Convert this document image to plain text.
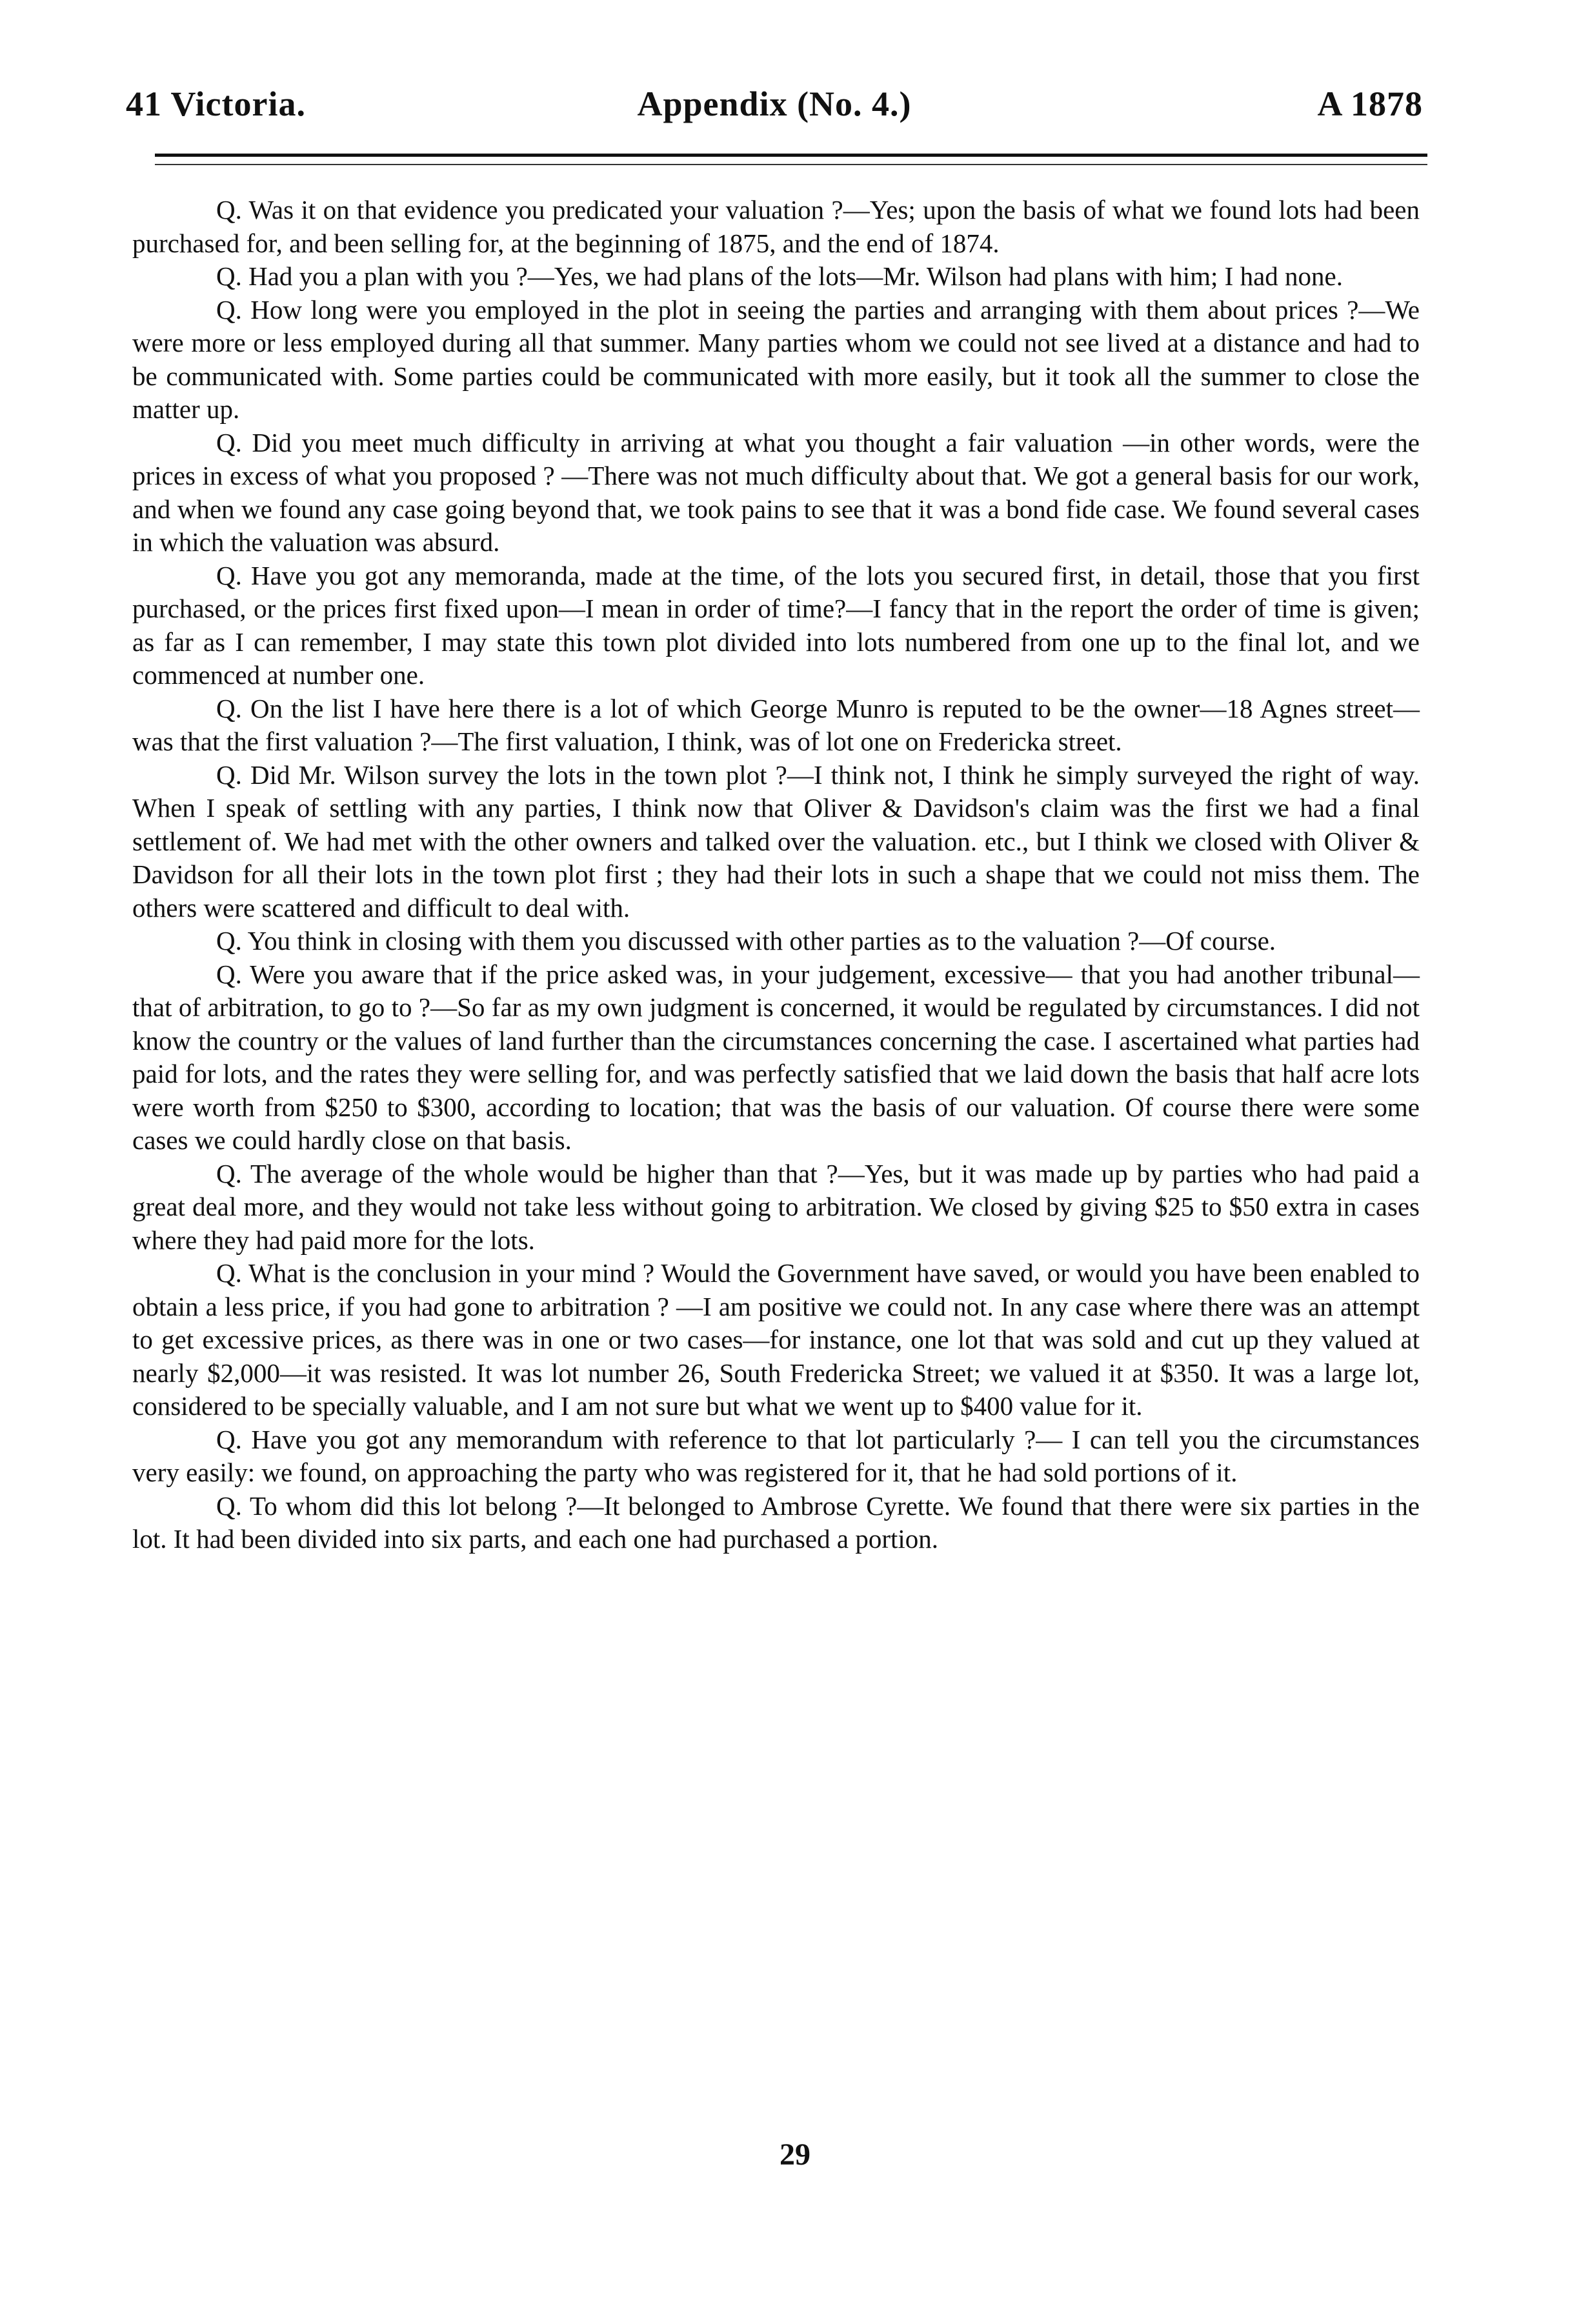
41 Victoria.	Appendix (No. 4.)	A 1878

Q. Was it on that evidence you predicated your valuation ?—Yes; upon the basis of what we found lots had been purchased for, and been selling for, at the beginning of 1875, and the end of 1874.

Q. Had you a plan with you ?—Yes, we had plans of the lots—Mr. Wilson had plans with him; I had none.

Q. How long were you employed in the plot in seeing the parties and arranging with them about prices ?—We were more or less employed during all that summer. Many parties whom we could not see lived at a distance and had to be communicated with. Some parties could be communicated with more easily, but it took all the summer to close the matter up.

Q. Did you meet much difficulty in arriving at what you thought a fair valuation —in other words, were the prices in excess of what you proposed ? —There was not much difficulty about that. We got a general basis for our work, and when we found any case going beyond that, we took pains to see that it was a bond fide case. We found several cases in which the valuation was absurd.

Q. Have you got any memoranda, made at the time, of the lots you secured first, in detail, those that you first purchased, or the prices first fixed upon—I mean in order of time?—I fancy that in the report the order of time is given; as far as I can remember, I may state this town plot divided into lots numbered from one up to the final lot, and we commenced at number one.

Q. On the list I have here there is a lot of which George Munro is reputed to be the owner—18 Agnes street—was that the first valuation ?—The first valuation, I think, was of lot one on Fredericka street.

Q. Did Mr. Wilson survey the lots in the town plot ?—I think not, I think he simply surveyed the right of way. When I speak of settling with any parties, I think now that Oliver & Davidson's claim was the first we had a final settlement of. We had met with the other owners and talked over the valuation. etc., but I think we closed with Oliver & Davidson for all their lots in the town plot first ; they had their lots in such a shape that we could not miss them. The others were scattered and difficult to deal with.

Q. You think in closing with them you discussed with other parties as to the valuation ?—Of course.

Q. Were you aware that if the price asked was, in your judgement, excessive— that you had another tribunal—that of arbitration, to go to ?—So far as my own judgment is concerned, it would be regulated by circumstances. I did not know the country or the values of land further than the circumstances concerning the case. I ascertained what parties had paid for lots, and the rates they were selling for, and was perfectly satisfied that we laid down the basis that half acre lots were worth from $250 to $300, according to location; that was the basis of our valuation. Of course there were some cases we could hardly close on that basis.

Q. The average of the whole would be higher than that ?—Yes, but it was made up by parties who had paid a great deal more, and they would not take less without going to arbitration. We closed by giving $25 to $50 extra in cases where they had paid more for the lots.

Q. What is the conclusion in your mind ? Would the Government have saved, or would you have been enabled to obtain a less price, if you had gone to arbitration ? —I am positive we could not. In any case where there was an attempt to get excessive prices, as there was in one or two cases—for instance, one lot that was sold and cut up they valued at nearly $2,000—it was resisted. It was lot number 26, South Fredericka Street; we valued it at $350. It was a large lot, considered to be specially valuable, and I am not sure but what we went up to $400 value for it.

Q. Have you got any memorandum with reference to that lot particularly ?— I can tell you the circumstances very easily: we found, on approaching the party who was registered for it, that he had sold portions of it.

Q. To whom did this lot belong ?—It belonged to Ambrose Cyrette. We found that there were six parties in the lot. It had been divided into six parts, and each one had purchased a portion.

29
